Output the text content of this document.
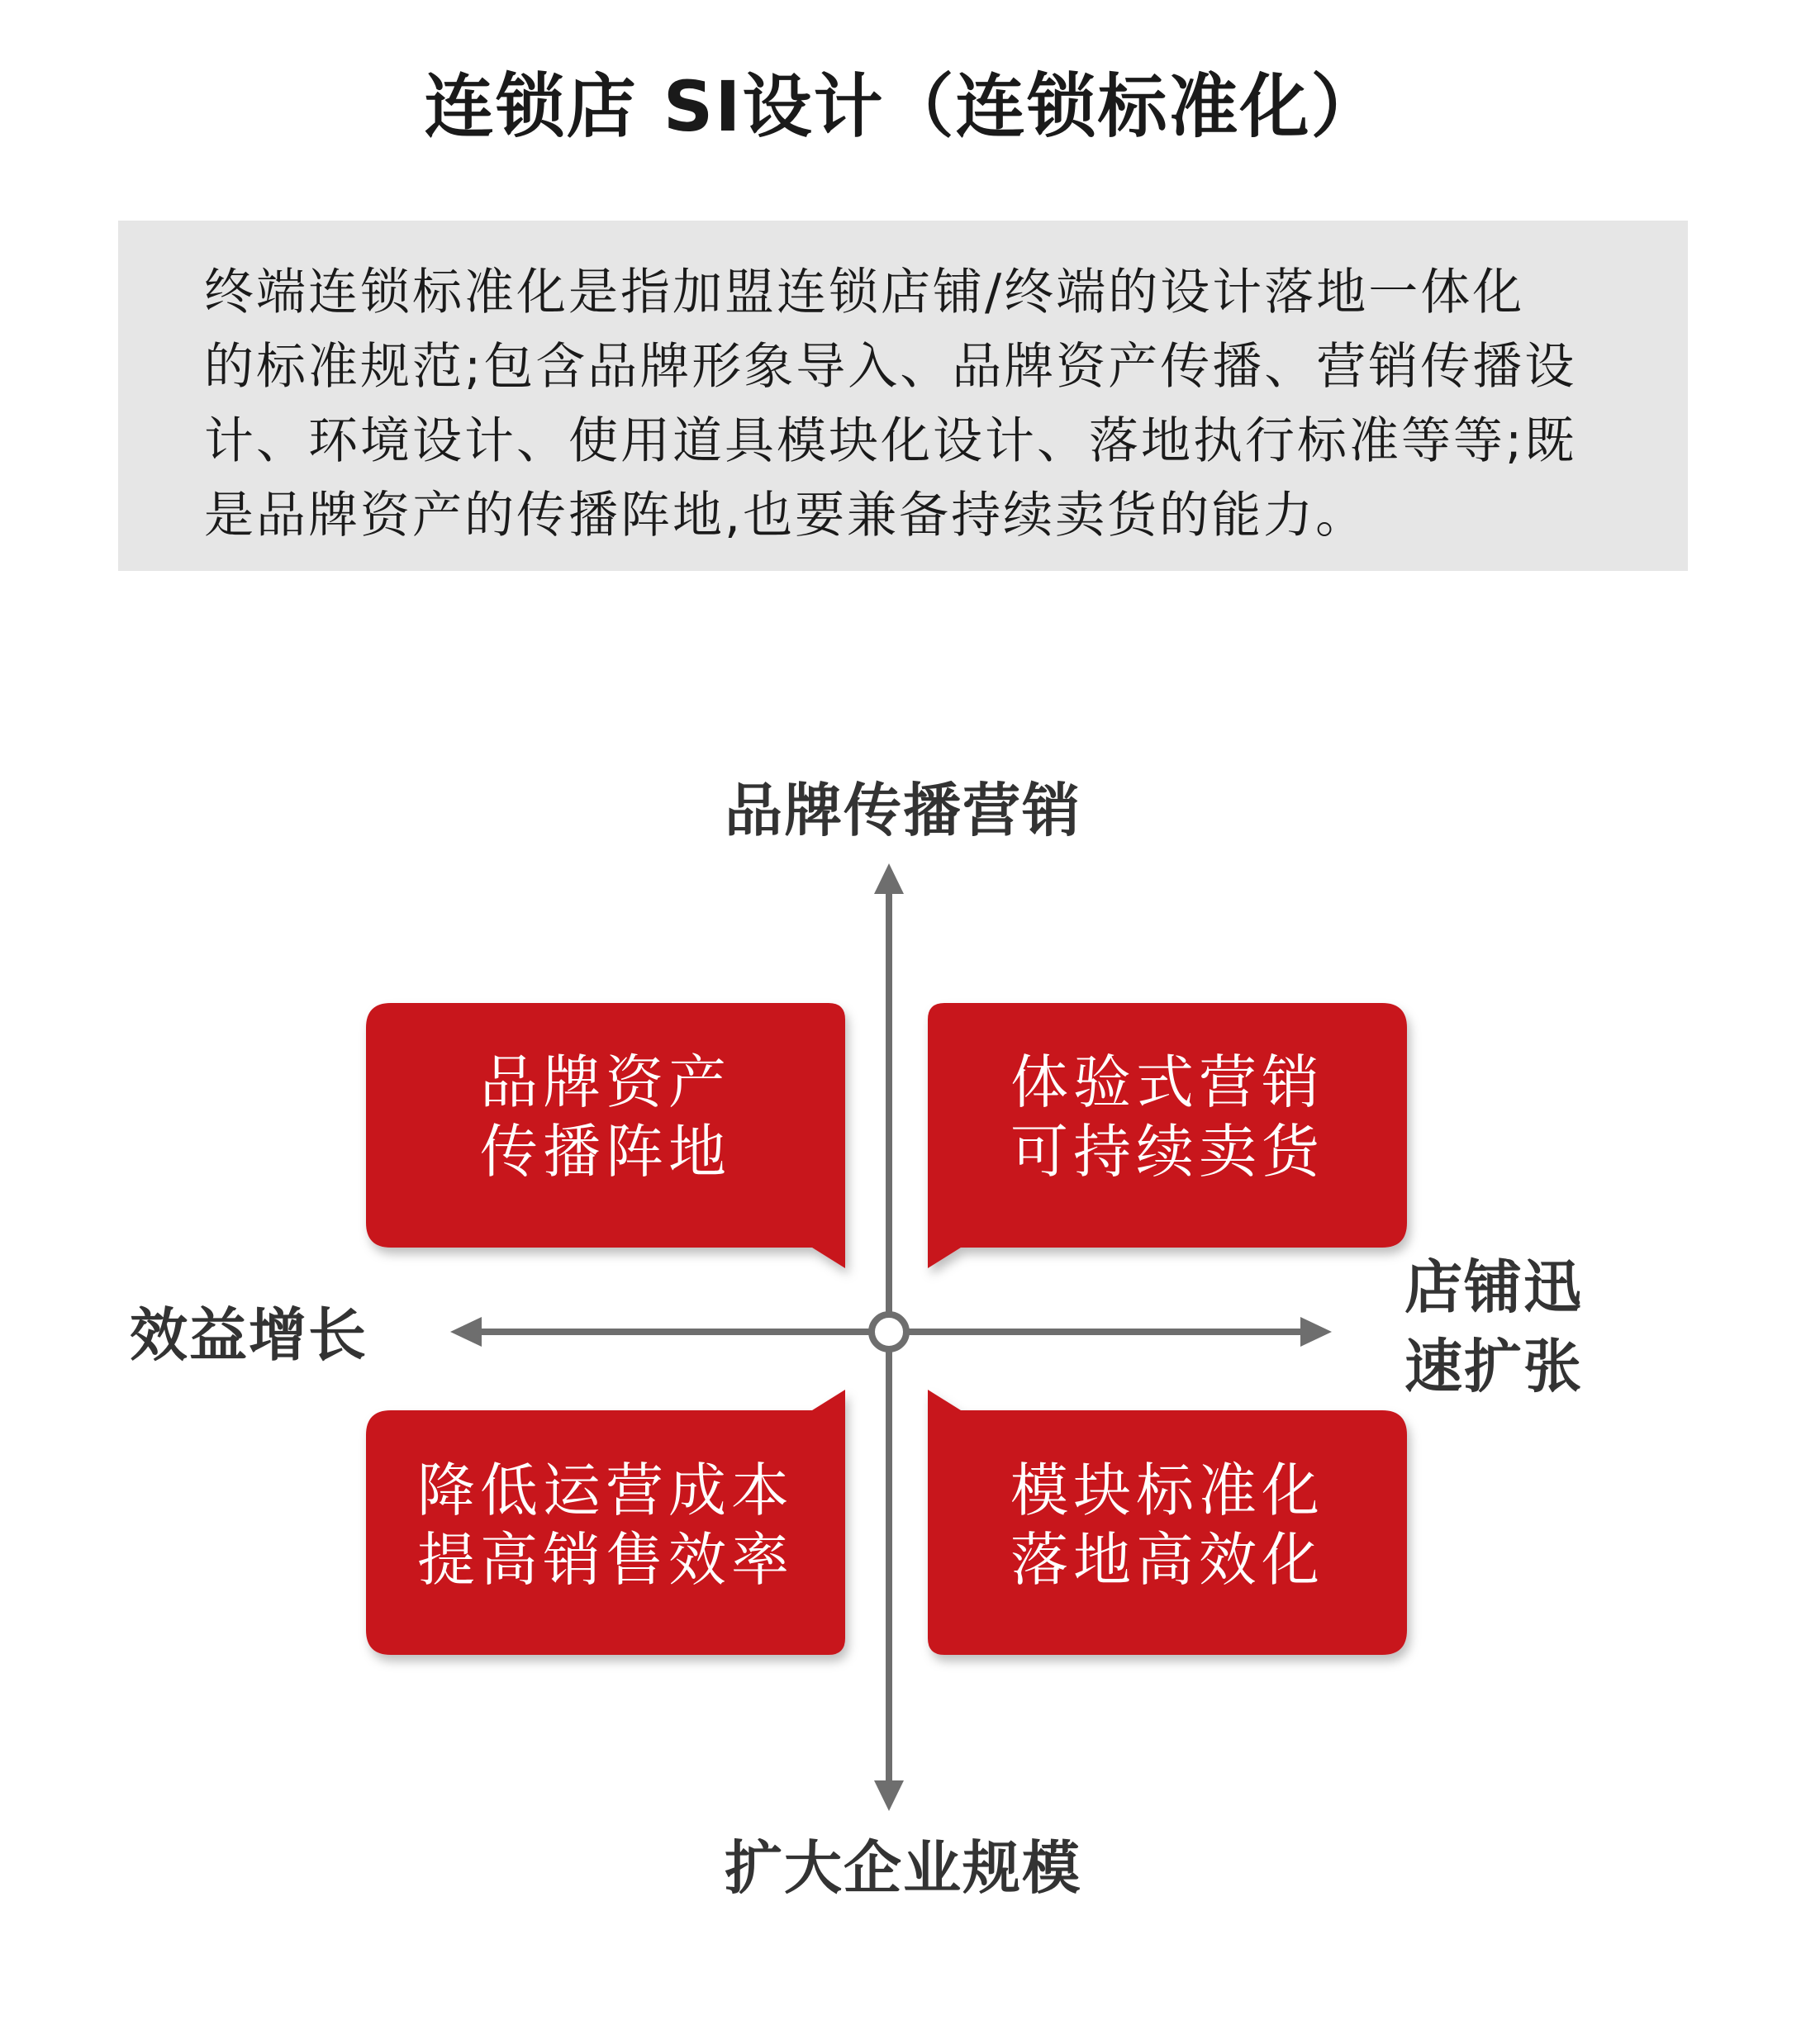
连锁店 SI设计（连锁标准化）
终端连锁标准化是指加盟连锁店铺/终端的设计落地一体化
的标准规范;包含品牌形象导入、品牌资产传播、营销传播设
计、环境设计、使用道具模块化设计、落地执行标准等等;既
是品牌资产的传播阵地,也要兼备持续卖货的能力。
品牌传播营销
扩大企业规模
效益增长
店铺迅
速扩张
品牌资产
传播阵地
体验式营销
可持续卖货
降低运营成本
提高销售效率
模块标准化
落地高效化
